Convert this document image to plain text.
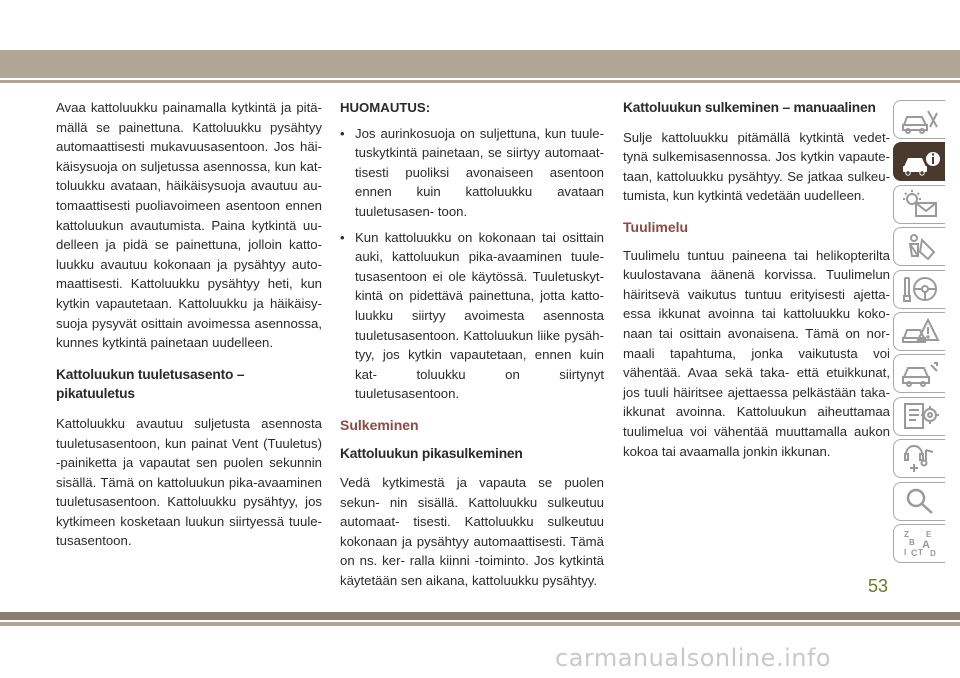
Avaa kattoluukku painamalla kytkintä ja pitä- mällä se painettuna. Kattoluukku pysähtyy automaattisesti mukavuusasentoon. Jos häi- käisysuoja on suljetussa asennossa, kun kat- toluukku avataan, häikäisysuoja avautuu au- tomaattisesti puoliavoimeen asentoon ennen kattoluukun avautumista. Paina kytkintä uu- delleen ja pidä se painettuna, jolloin katto- luukku avautuu kokonaan ja pysähtyy auto- maattisesti. Kattoluukku pysähtyy heti, kun kytkin vapautetaan. Kattoluukku ja häikäisy- suoja pysyvät osittain avoimessa asennossa, kunnes kytkintä painetaan uudelleen.

Kattoluukun tuuletusasento – pikatuuletus

Kattoluukku avautuu suljetusta asennosta tuuletusasentoon, kun painat Vent (Tuuletus) -painiketta ja vapautat sen puolen sekunnin sisällä. Tämä on kattoluukun pika-avaaminen tuuletusasentoon. Kattoluukku pysähtyy, jos kytkimeen kosketaan luukun siirtyessä tuule- tusasentoon.

HUOMAUTUS:

• Jos aurinkosuoja on suljettuna, kun tuule- tuskytkintä painetaan, se siirtyy automaat- tisesti puoliksi avonaiseen asentoon ennen kuin kattoluukku avataan tuuletusasen- toon.

• Kun kattoluukku on kokonaan tai osittain auki, kattoluukun pika-avaaminen tuule- tusasentoon ei ole käytössä. Tuuletuskyt- kintä on pidettävä painettuna, jotta katto- luukku siirtyy avoimesta asennosta tuuletusasentoon. Kattoluukun liike pysäh- tyy, jos kytkin vapautetaan, ennen kuin kat- toluukku on siirtynyt tuuletusasentoon.

Sulkeminen
Kattoluukun pikasulkeminen

Vedä kytkimestä ja vapauta se puolen sekun- nin sisällä. Kattoluukku sulkeutuu automaat- tisesti. Kattoluukku sulkeutuu kokonaan ja pysähtyy automaattisesti. Tämä on ns. ker- ralla kiinni -toiminto. Jos kytkintä käytetään sen aikana, kattoluukku pysähtyy.

Kattoluukun sulkeminen – manuaalinen

Sulje kattoluukku pitämällä kytkintä vedet- tynä sulkemisasennossa. Jos kytkin vapaute- taan, kattoluukku pysähtyy. Se jatkaa sulkeu- tumista, kun kytkintä vedetään uudelleen.

Tuulimelu

Tuulimelu tuntuu paineena tai helikopteriltа kuulostavana äänenä korvissa. Tuulimelun häiritsevä vaikutus tuntuu erityisesti ajetta- essa ikkunat avoinna tai kattoluukku koko- naan tai osittain avonaisena. Tämä on nor- maali tapahtuma, jonka vaikutusta voi vähentää. Avaa sekä taka- että etuikkunat, jos tuuli häiritsee ajettaessa pelkästään taka- ikkunat avoinna. Kattoluukun aiheuttamaa tuulimelua voi vähentää muuttamalla aukon kokoa tai avaamalla jonkin ikkunan.

Z E
B A
I C T D
53
carmanualsonline.info
